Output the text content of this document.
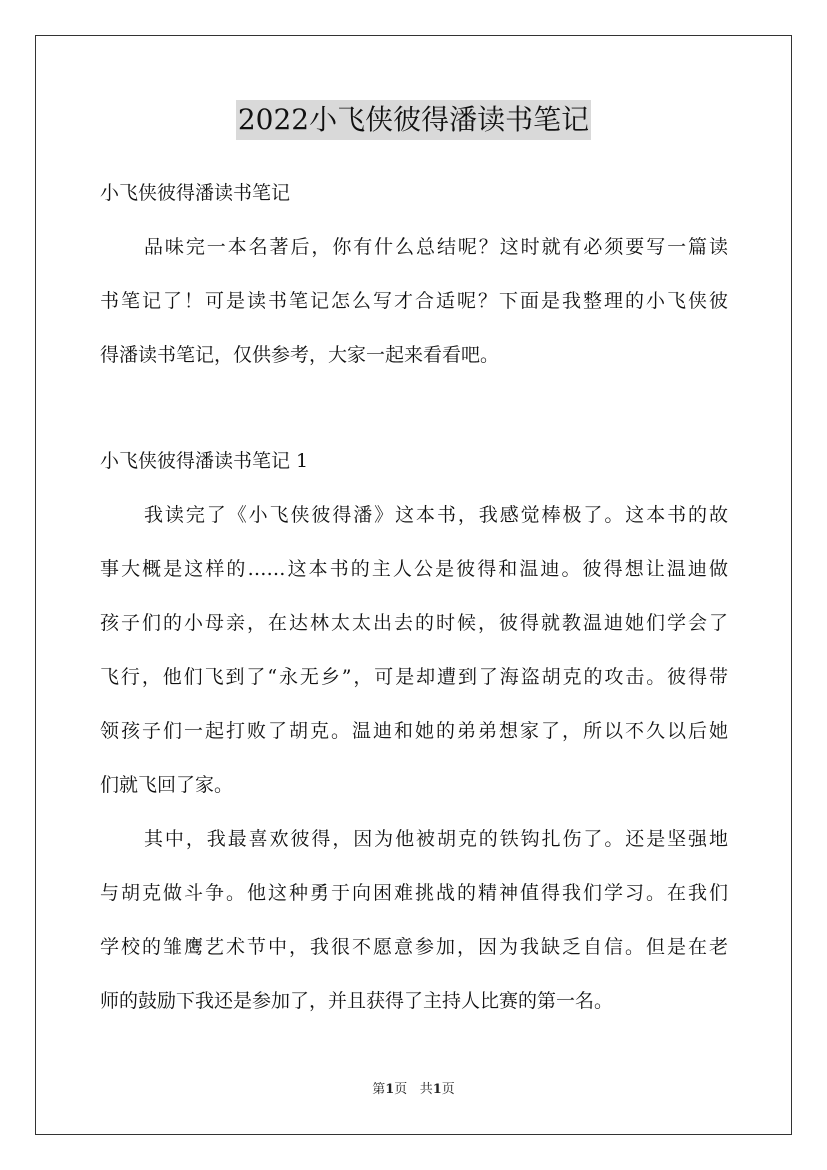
2022小飞侠彼得潘读书笔记
小飞侠彼得潘读书笔记
品味完一本名著后，你有什么总结呢？这时就有必须要写一篇读
书笔记了！可是读书笔记怎么写才合适呢？下面是我整理的小飞侠彼
得潘读书笔记，仅供参考，大家一起来看看吧。
小飞侠彼得潘读书笔记 1
我读完了《小飞侠彼得潘》这本书，我感觉棒极了。这本书的故
事大概是这样的……这本书的主人公是彼得和温迪。彼得想让温迪做
孩子们的小母亲，在达林太太出去的时候，彼得就教温迪她们学会了
飞行，他们飞到了“永无乡”，可是却遭到了海盗胡克的攻击。彼得带
领孩子们一起打败了胡克。温迪和她的弟弟想家了，所以不久以后她
们就飞回了家。
其中，我最喜欢彼得，因为他被胡克的铁钩扎伤了。还是坚强地
与胡克做斗争。他这种勇于向困难挑战的精神值得我们学习。在我们
学校的雏鹰艺术节中，我很不愿意参加，因为我缺乏自信。但是在老
师的鼓励下我还是参加了，并且获得了主持人比赛的第一名。
第1页 共1页
